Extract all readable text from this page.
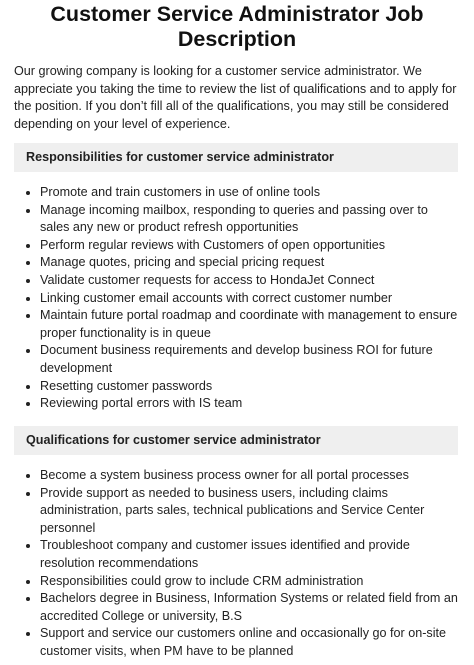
Customer Service Administrator Job Description

Our growing company is looking for a customer service administrator. We appreciate you taking the time to review the list of qualifications and to apply for the position. If you don’t fill all of the qualifications, you may still be considered depending on your level of experience.

Responsibilities for customer service administrator
Promote and train customers in use of online tools
Manage incoming mailbox, responding to queries and passing over to sales any new or product refresh opportunities
Perform regular reviews with Customers of open opportunities
Manage quotes, pricing and special pricing request
Validate customer requests for access to HondaJet Connect
Linking customer email accounts with correct customer number
Maintain future portal roadmap and coordinate with management to ensure proper functionality is in queue
Document business requirements and develop business ROI for future development
Resetting customer passwords
Reviewing portal errors with IS team
Qualifications for customer service administrator
Become a system business process owner for all portal processes
Provide support as needed to business users, including claims administration, parts sales, technical publications and Service Center personnel
Troubleshoot company and customer issues identified and provide resolution recommendations
Responsibilities could grow to include CRM administration
Bachelors degree in Business, Information Systems or related field from an accredited College or university, B.S
Support and service our customers online and occasionally go for on-site customer visits, when PM have to be planned
